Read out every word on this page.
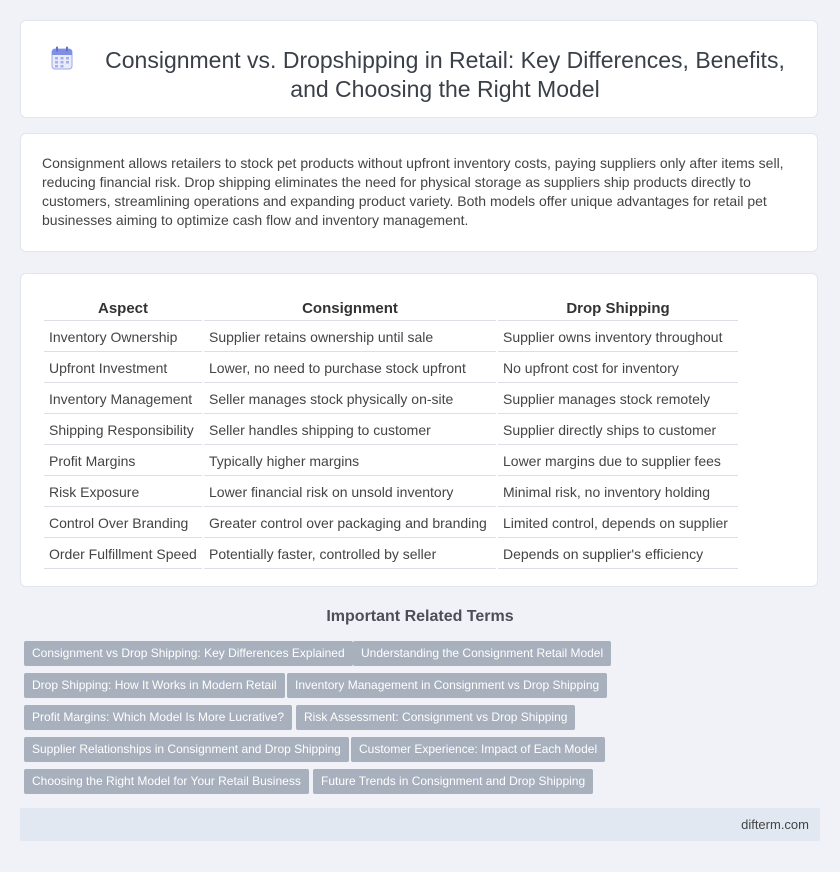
Consignment vs. Dropshipping in Retail: Key Differences, Benefits, and Choosing the Right Model

Consignment allows retailers to stock pet products without upfront inventory costs, paying suppliers only after items sell, reducing financial risk. Drop shipping eliminates the need for physical storage as suppliers ship products directly to customers, streamlining operations and expanding product variety. Both models offer unique advantages for retail pet businesses aiming to optimize cash flow and inventory management.

Aspect	Consignment	Drop Shipping
Inventory Ownership	Supplier retains ownership until sale	Supplier owns inventory throughout
Upfront Investment	Lower, no need to purchase stock upfront	No upfront cost for inventory
Inventory Management	Seller manages stock physically on-site	Supplier manages stock remotely
Shipping Responsibility	Seller handles shipping to customer	Supplier directly ships to customer
Profit Margins	Typically higher margins	Lower margins due to supplier fees
Risk Exposure	Lower financial risk on unsold inventory	Minimal risk, no inventory holding
Control Over Branding	Greater control over packaging and branding	Limited control, depends on supplier
Order Fulfillment Speed	Potentially faster, controlled by seller	Depends on supplier's efficiency
Important Related Terms
Consignment vs Drop Shipping: Key Differences Explained	Understanding the Consignment Retail Model
Drop Shipping: How It Works in Modern Retail	Inventory Management in Consignment vs Drop Shipping
Profit Margins: Which Model Is More Lucrative?	Risk Assessment: Consignment vs Drop Shipping
Supplier Relationships in Consignment and Drop Shipping	Customer Experience: Impact of Each Model
Choosing the Right Model for Your Retail Business	Future Trends in Consignment and Drop Shipping
difterm.com
